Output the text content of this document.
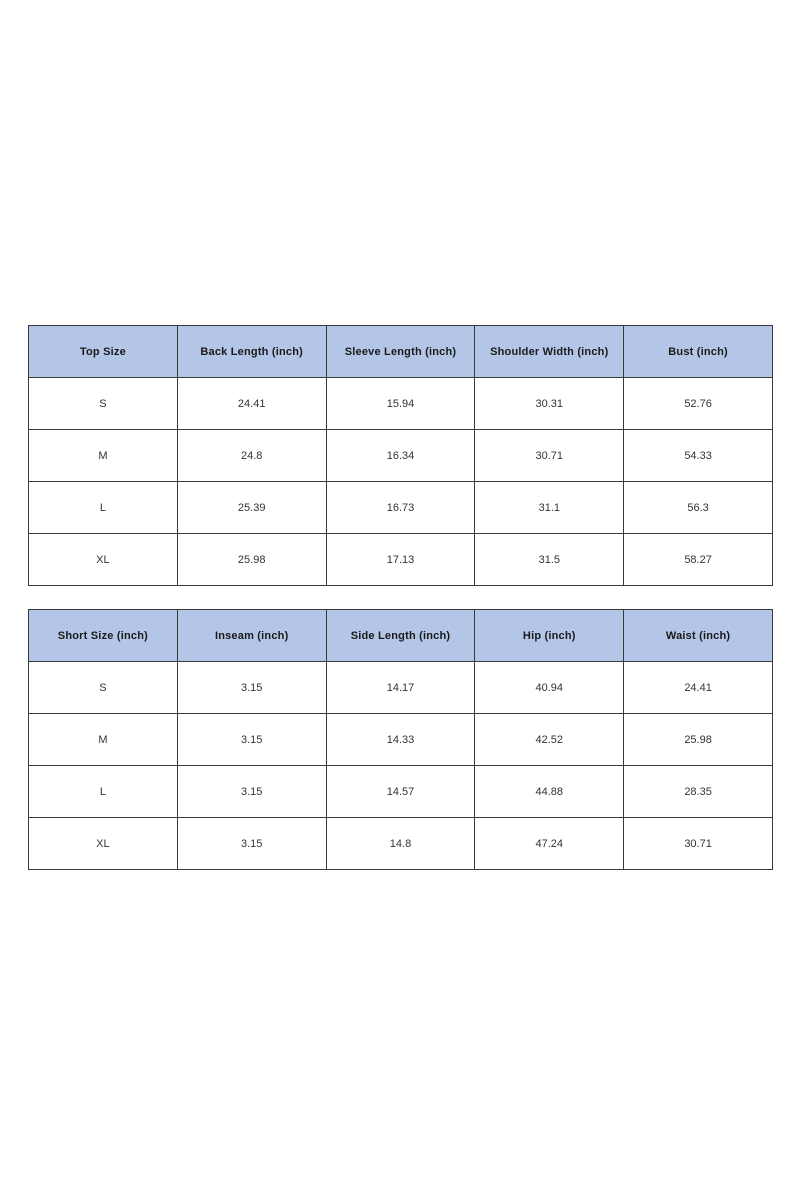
Top Size	Back Length (inch)	Sleeve Length (inch)	Shoulder Width (inch)	Bust (inch)
S	24.41	15.94	30.31	52.76
M	24.8	16.34	30.71	54.33
L	25.39	16.73	31.1	56.3
XL	25.98	17.13	31.5	58.27
Short Size (inch)	Inseam (inch)	Side Length (inch)	Hip (inch)	Waist (inch)
S	3.15	14.17	40.94	24.41
M	3.15	14.33	42.52	25.98
L	3.15	14.57	44.88	28.35
XL	3.15	14.8	47.24	30.71
